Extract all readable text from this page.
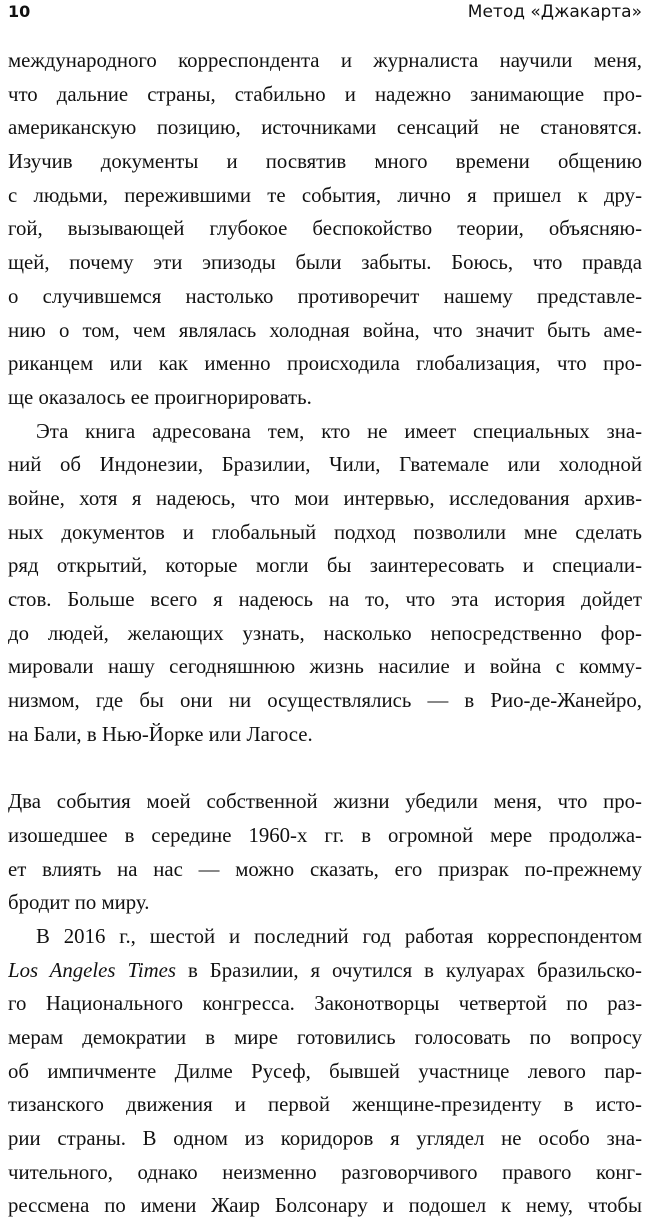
10	Метод «Джакарта»
международного корреспондента и журналиста научили меня,
что дальние страны, стабильно и надежно занимающие про-
американскую позицию, источниками сенсаций не становятся.
Изучив документы и посвятив много времени общению
с людьми, пережившими те события, лично я пришел к дру-
гой, вызывающей глубокое беспокойство теории, объясняю-
щей, почему эти эпизоды были забыты. Боюсь, что правда
о случившемся настолько противоречит нашему представле-
нию о том, чем являлась холодная война, что значит быть аме-
риканцем или как именно происходила глобализация, что про-
ще оказалось ее проигнорировать.
Эта книга адресована тем, кто не имеет специальных зна-
ний об Индонезии, Бразилии, Чили, Гватемале или холодной
войне, хотя я надеюсь, что мои интервью, исследования архив-
ных документов и глобальный подход позволили мне сделать
ряд открытий, которые могли бы заинтересовать и специали-
стов. Больше всего я надеюсь на то, что эта история дойдет
до людей, желающих узнать, насколько непосредственно фор-
мировали нашу сегодняшнюю жизнь насилие и война с комму-
низмом, где бы они ни осуществлялись — в Рио-де-Жанейро,
на Бали, в Нью-Йорке или Лагосе.
Два события моей собственной жизни убедили меня, что про-
изошедшее в середине 1960-х гг. в огромной мере продолжа-
ет влиять на нас — можно сказать, его призрак по-прежнему
бродит по миру.
В 2016 г., шестой и последний год работая корреспондентом
Los Angeles Times в Бразилии, я очутился в кулуарах бразильско-
го Национального конгресса. Законотворцы четвертой по раз-
мерам демократии в мире готовились голосовать по вопросу
об импичменте Дилме Русеф, бывшей участнице левого пар-
тизанского движения и первой женщине-президенту в исто-
рии страны. В одном из коридоров я углядел не особо зна-
чительного, однако неизменно разговорчивого правого конг-
рессмена по имени Жаир Болсонару и подошел к нему, чтобы
